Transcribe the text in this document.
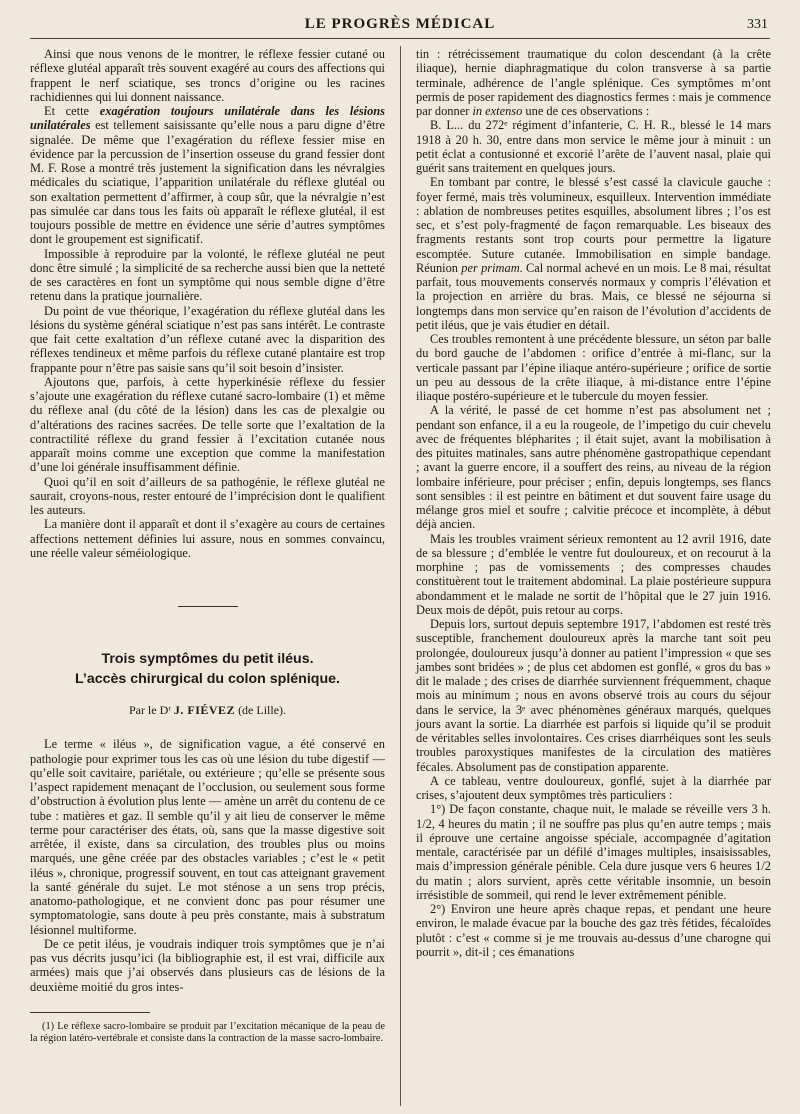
LE PROGRÈS MÉDICAL	331

Ainsi que nous venons de le montrer, le réflexe fessier cutané ou réflexe glutéal apparaît très souvent exagéré au cours des affections qui frappent le nerf sciatique, ses troncs d’origine ou les racines rachidiennes qui lui donnent naissance.

Et cette exagération toujours unilatérale dans les lésions unilatérales est tellement saisissante qu’elle nous a paru digne d’être signalée. De même que l’exagération du réflexe fessier mise en évidence par la percussion de l’insertion osseuse du grand fessier dont M. F. Rose a montré très justement la signification dans les névralgies médicales du sciatique, l’apparition unilatérale du réflexe glutéal ou son exaltation permettent d’affirmer, à coup sûr, que la névralgie n’est pas simulée car dans tous les faits où apparaît le réflexe glutéal, il est toujours possible de mettre en évidence une série d’autres symptômes dont le groupement est significatif.

Impossible à reproduire par la volonté, le réflexe glutéal ne peut donc être simulé ; la simplicité de sa recherche aussi bien que la netteté de ses caractères en font un symptôme qui nous semble digne d’être retenu dans la pratique journalière.

Du point de vue théorique, l’exagération du réflexe glutéal dans les lésions du système général sciatique n’est pas sans intérêt. Le contraste que fait cette exaltation d’un réflexe cutané avec la disparition des réflexes tendineux et même parfois du réflexe cutané plantaire est trop frappante pour n’être pas saisie sans qu’il soit besoin d’insister.

Ajoutons que, parfois, à cette hyperkinésie réflexe du fessier s’ajoute une exagération du réflexe cutané sacro-lombaire (1) et même du réflexe anal (du côté de la lésion) dans les cas de plexalgie ou d’altérations des racines sacrées. De telle sorte que l’exaltation de la contractilité réflexe du grand fessier à l’excitation cutanée nous apparaît moins comme une exception que comme la manifestation d’une loi générale insuffisamment définie.

Quoi qu’il en soit d’ailleurs de sa pathogénie, le réflexe glutéal ne saurait, croyons-nous, rester entouré de l’imprécision dont le qualifient les auteurs.

La manière dont il apparaît et dont il s’exagère au cours de certaines affections nettement définies lui assure, nous en sommes convaincu, une réelle valeur séméiologique.

Trois symptômes du petit iléus.

L’accès chirurgical du colon splénique.

Par le Dʳ J. FIÉVEZ (de Lille).

Le terme « iléus », de signification vague, a été conservé en pathologie pour exprimer tous les cas où une lésion du tube digestif — qu’elle soit cavitaire, pariétale, ou extérieure ; qu’elle se présente sous l’aspect rapidement menaçant de l’occlusion, ou seulement sous forme d’obstruction à évolution plus lente — amène un arrêt du contenu de ce tube : matières et gaz. Il semble qu’il y ait lieu de conserver le même terme pour caractériser des états, où, sans que la masse digestive soit arrêtée, il existe, dans sa circulation, des troubles plus ou moins marqués, une gêne créée par des obstacles variables ; c’est le « petit iléus », chronique, progressif souvent, en tout cas atteignant gravement la santé générale du sujet. Le mot sténose a un sens trop précis, anatomo-pathologique, et ne convient donc pas pour résumer une symptomatologie, sans doute à peu près constante, mais à substratum lésionnel multiforme.

De ce petit iléus, je voudrais indiquer trois symptômes que je n’ai pas vus décrits jusqu’ici (la bibliographie est, il est vrai, difficile aux armées) mais que j’ai observés dans plusieurs cas de lésions de la deuxième moitié du gros intes-

(1) Le réflexe sacro-lombaire se produit par l’excitation mécanique de la peau de la région latéro-vertébrale et consiste dans la contraction de la masse sacro-lombaire.

tin : rétrécissement traumatique du colon descendant (à la crête iliaque), hernie diaphragmatique du colon transverse à sa partie terminale, adhérence de l’angle splénique. Ces symptômes m’ont permis de poser rapidement des diagnostics fermes : mais je commence par donner in extenso une de ces observations :

B. L... du 272ᵉ régiment d’infanterie, C. H. R., blessé le 14 mars 1918 à 20 h. 30, entre dans mon service le même jour à minuit : un petit éclat a contusionné et excorié l’arête de l’auvent nasal, plaie qui guérit sans traitement en quelques jours.

En tombant par contre, le blessé s’est cassé la clavicule gauche : foyer fermé, mais très volumineux, esquilleux. Intervention immédiate : ablation de nombreuses petites esquilles, absolument libres ; l’os est sec, et s’est poly-fragmenté de façon remarquable. Les biseaux des fragments restants sont trop courts pour permettre la ligature escomptée. Suture cutanée. Immobilisation en simple bandage. Réunion per primam. Cal normal achevé en un mois. Le 8 mai, résultat parfait, tous mouvements conservés normaux y compris l’élévation et la projection en arrière du bras. Mais, ce blessé ne séjourna si longtemps dans mon service qu’en raison de l’évolution d’accidents de petit iléus, que je vais étudier en détail.

Ces troubles remontent à une précédente blessure, un séton par balle du bord gauche de l’abdomen : orifice d’entrée à mi-flanc, sur la verticale passant par l’épine iliaque antéro-supérieure ; orifice de sortie un peu au dessous de la crête iliaque, à mi-distance entre l’épine iliaque postéro-supérieure et le tubercule du moyen fessier.

A la vérité, le passé de cet homme n’est pas absolument net ; pendant son enfance, il a eu la rougeole, de l’impetigo du cuir chevelu avec de fréquentes blépharites ; il était sujet, avant la mobilisation à des pituites matinales, sans autre phénomène gastropathique cependant ; avant la guerre encore, il a souffert des reins, au niveau de la région lombaire inférieure, pour préciser ; enfin, depuis longtemps, ses flancs sont sensibles : il est peintre en bâtiment et dut souvent faire usage du mélange gros miel et soufre ; calvitie précoce et incomplète, à début déjà ancien.

Mais les troubles vraiment sérieux remontent au 12 avril 1916, date de sa blessure ; d’emblée le ventre fut douloureux, et on recourut à la morphine ; pas de vomissements ; des compresses chaudes constituèrent tout le traitement abdominal. La plaie postérieure suppura abondamment et le malade ne sortit de l’hôpital que le 27 juin 1916. Deux mois de dépôt, puis retour au corps.

Depuis lors, surtout depuis septembre 1917, l’abdomen est resté très susceptible, franchement douloureux après la marche tant soit peu prolongée, douloureux jusqu’à donner au patient l’impression « que ses jambes sont bridées » ; de plus cet abdomen est gonflé, « gros du bas » dit le malade ; des crises de diarrhée surviennent fréquemment, chaque mois au minimum ; nous en avons observé trois au cours du séjour dans le service, la 3ᵉ avec phénomènes généraux marqués, quelques jours avant la sortie. La diarrhée est parfois si liquide qu’il se produit de véritables selles involontaires. Ces crises diarrhéiques sont les seuls troubles paroxystiques manifestes de la circulation des matières fécales. Absolument pas de constipation apparente.

A ce tableau, ventre douloureux, gonflé, sujet à la diarrhée par crises, s’ajoutent deux symptômes très particuliers :

1°) De façon constante, chaque nuit, le malade se réveille vers 3 h. 1/2, 4 heures du matin ; il ne souffre pas plus qu’en autre temps ; mais il éprouve une certaine angoisse spéciale, accompagnée d’agitation mentale, caractérisée par un défilé d’images multiples, insaisissables, mais d’impression générale pénible. Cela dure jusque vers 6 heures 1/2 du matin ; alors survient, après cette véritable insomnie, un besoin irrésistible de sommeil, qui rend le lever extrêmement pénible.

2°) Environ une heure après chaque repas, et pendant une heure environ, le malade évacue par la bouche des gaz très fétides, fécaloïdes plutôt : c’est « comme si je me trouvais au-dessus d’une charogne qui pourrit », dit-il ; ces émanations
